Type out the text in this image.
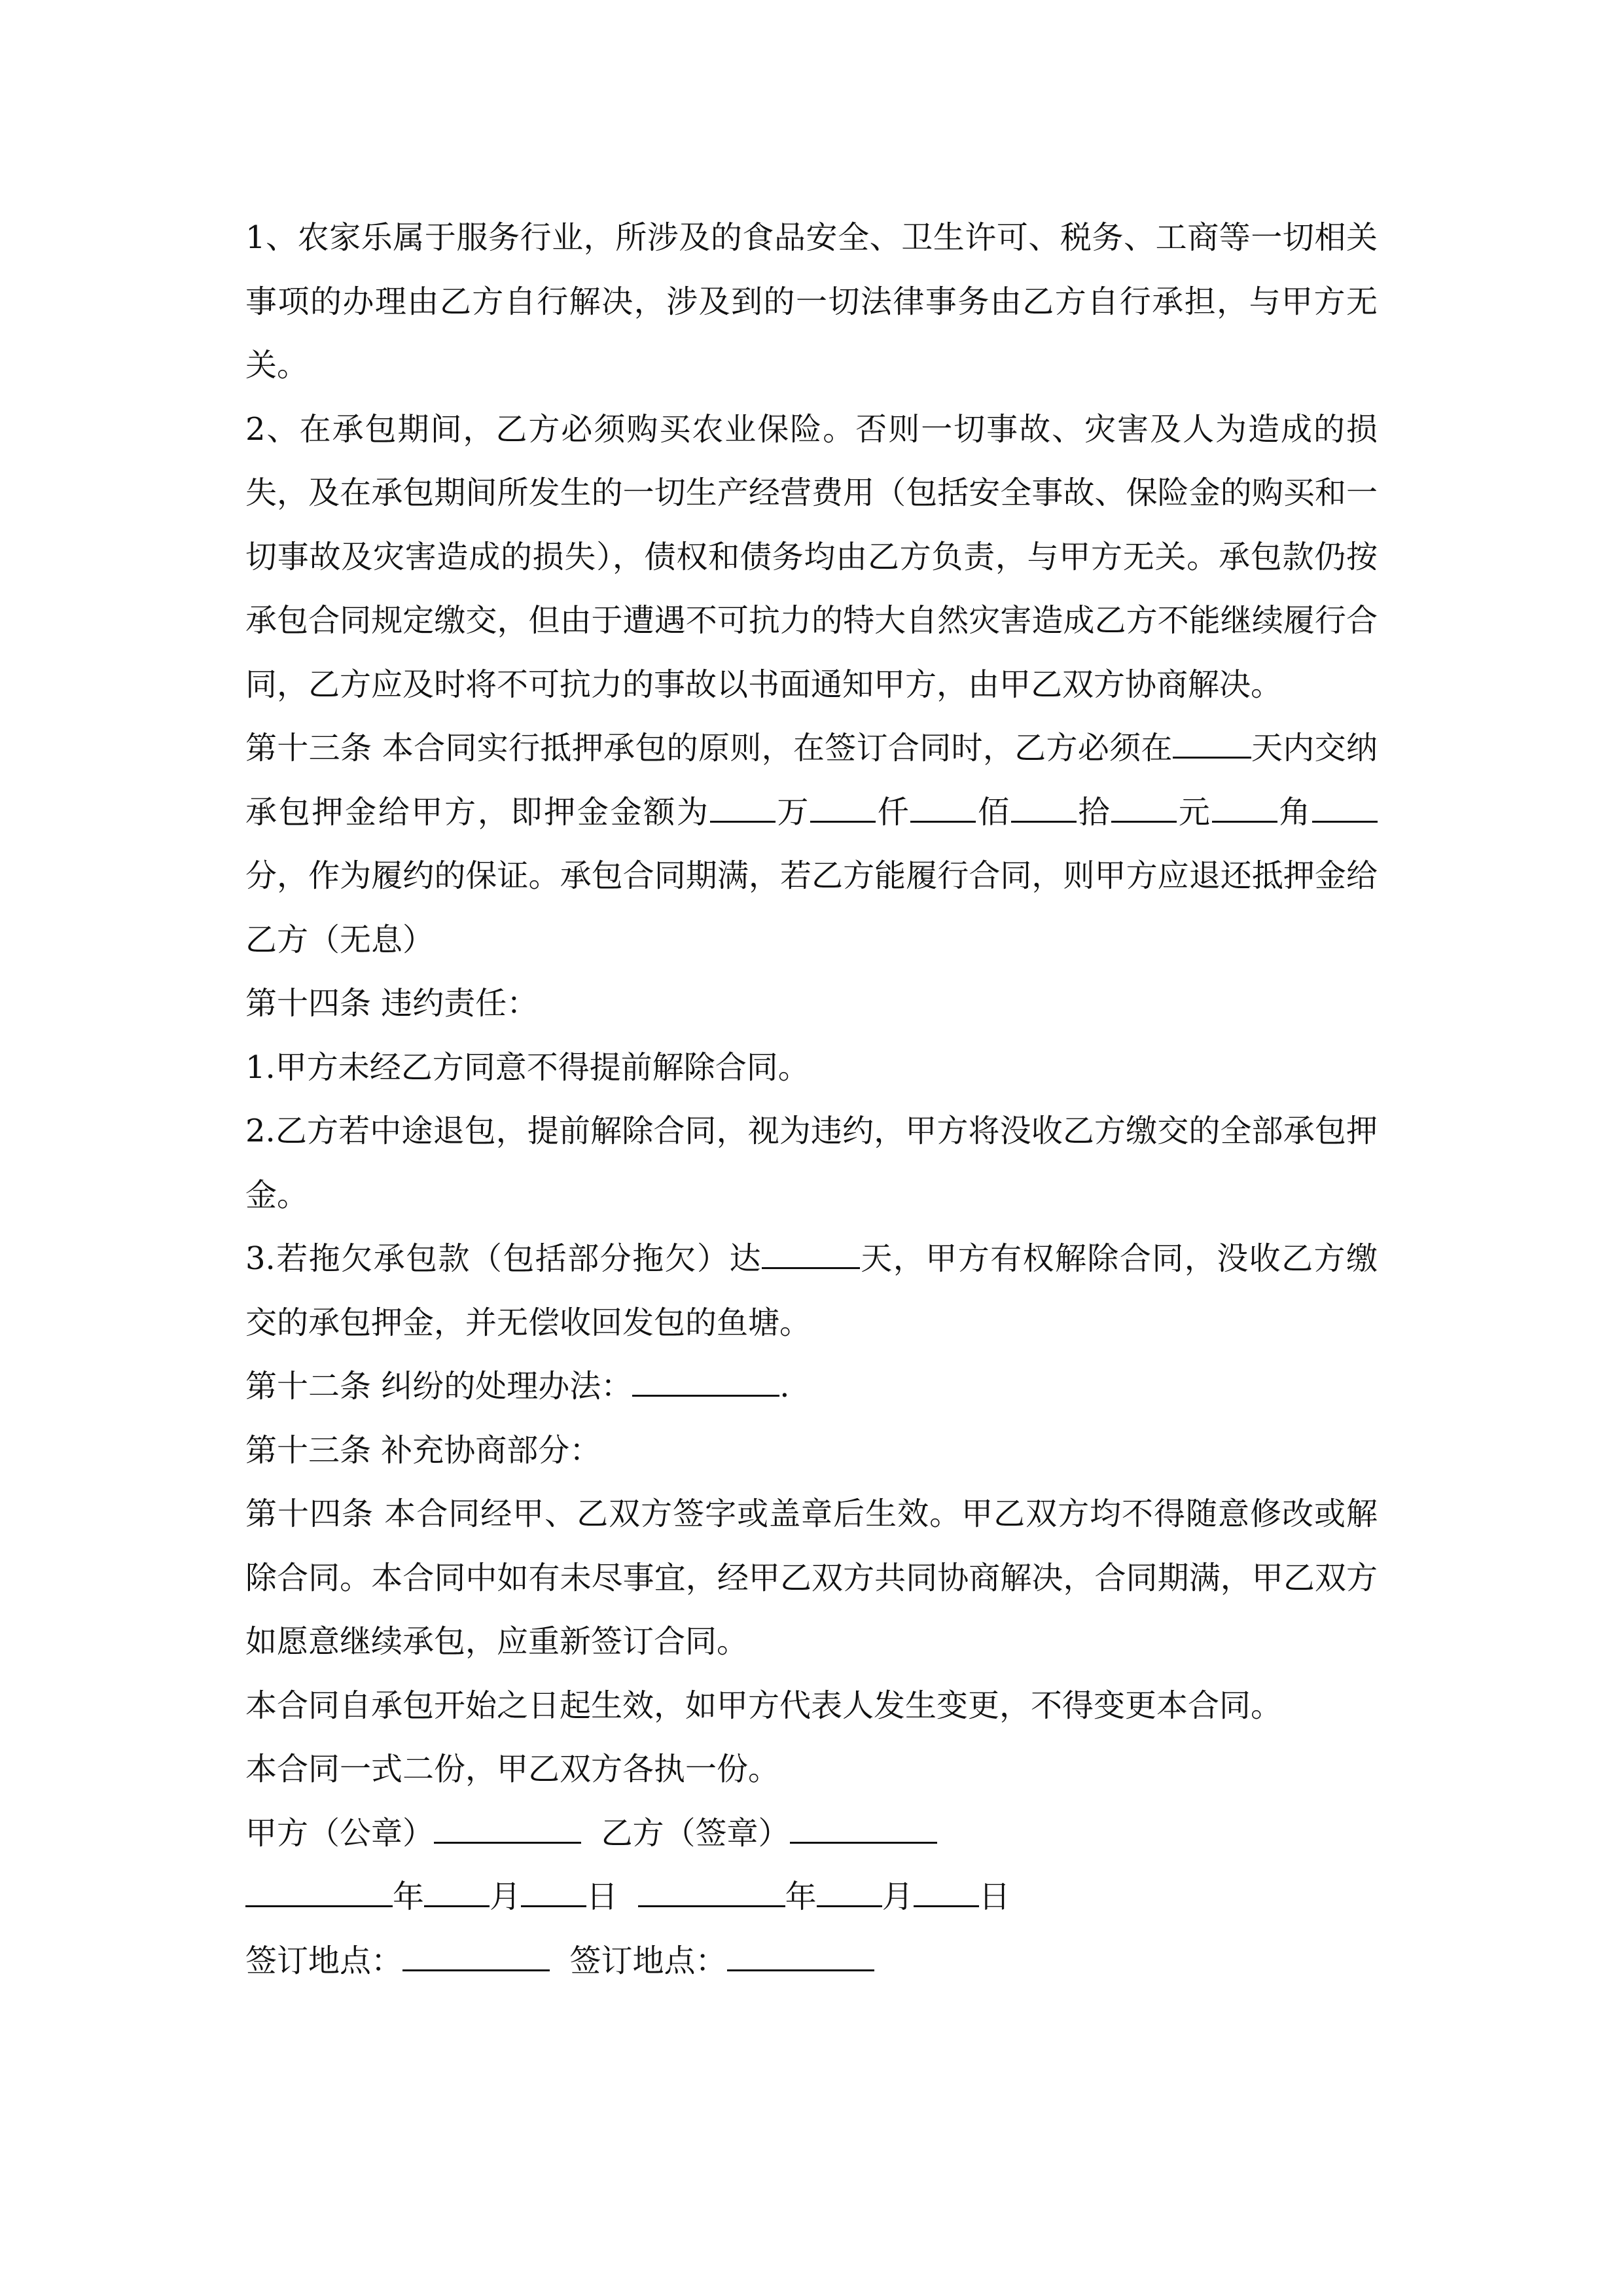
1、农家乐属于服务行业，所涉及的食品安全、卫生许可、税务、工商等一切相关事项的办理由乙方自行解决，涉及到的一切法律事务由乙方自行承担，与甲方无关。

2、在承包期间，乙方必须购买农业保险。否则一切事故、灾害及人为造成的损失，及在承包期间所发生的一切生产经营费用（包括安全事故、保险金的购买和一切事故及灾害造成的损失），债权和债务均由乙方负责，与甲方无关。承包款仍按承包合同规定缴交，但由于遭遇不可抗力的特大自然灾害造成乙方不能继续履行合同，乙方应及时将不可抗力的事故以书面通知甲方，由甲乙双方协商解决。

第十三条 本合同实行抵押承包的原则，在签订合同时，乙方必须在	天内交纳承包押金给甲方，即押金金额为 万 仟 佰 拾 元 角分，作为履约的保证。承包合同期满，若乙方能履行合同，则甲方应退还抵押金给乙方（无息）

第十四条 违约责任：

1.甲方未经乙方同意不得提前解除合同。

2.乙方若中途退包，提前解除合同，视为违约，甲方将没收乙方缴交的全部承包押金。

3.若拖欠承包款（包括部分拖欠）达	天，甲方有权解除合同，没收乙方缴交的承包押金，并无偿收回发包的鱼塘。

第十二条 纠纷的处理办法：	.

第十三条 补充协商部分：

第十四条 本合同经甲、乙双方签字或盖章后生效。甲乙双方均不得随意修改或解除合同。本合同中如有未尽事宜，经甲乙双方共同协商解决，合同期满，甲乙双方如愿意继续承包，应重新签订合同。

本合同自承包开始之日起生效，如甲方代表人发生变更，不得变更本合同。

本合同一式二份，甲乙双方各执一份。

甲方（公章）	乙方（签章）

年 月 日	年 月 日

签订地点：	签订地点：
